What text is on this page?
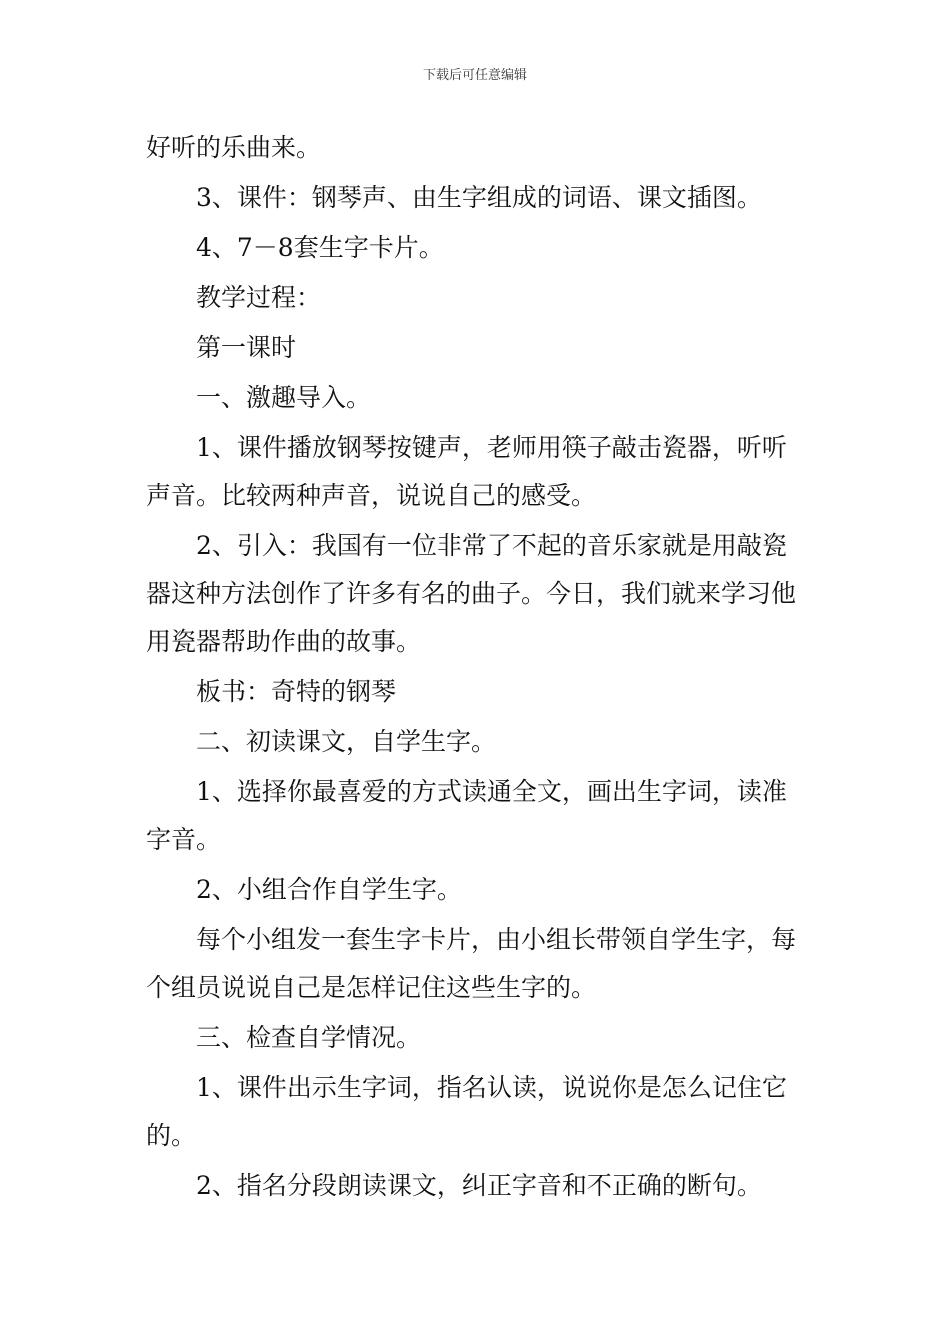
下载后可任意编辑

好听的乐曲来。

3、课件：钢琴声、由生字组成的词语、课文插图。

4、7－8套生字卡片。

教学过程：

第一课时

一、激趣导入。

1、课件播放钢琴按键声，老师用筷子敲击瓷器，听听声音。比较两种声音，说说自己的感受。

2、引入：我国有一位非常了不起的音乐家就是用敲瓷器这种方法创作了许多有名的曲子。今日，我们就来学习他用瓷器帮助作曲的故事。

板书：奇特的钢琴

二、初读课文，自学生字。

1、选择你最喜爱的方式读通全文，画出生字词，读准字音。

2、小组合作自学生字。

每个小组发一套生字卡片，由小组长带领自学生字，每个组员说说自己是怎样记住这些生字的。

三、检查自学情况。

1、课件出示生字词，指名认读，说说你是怎么记住它的。

2、指名分段朗读课文，纠正字音和不正确的断句。
